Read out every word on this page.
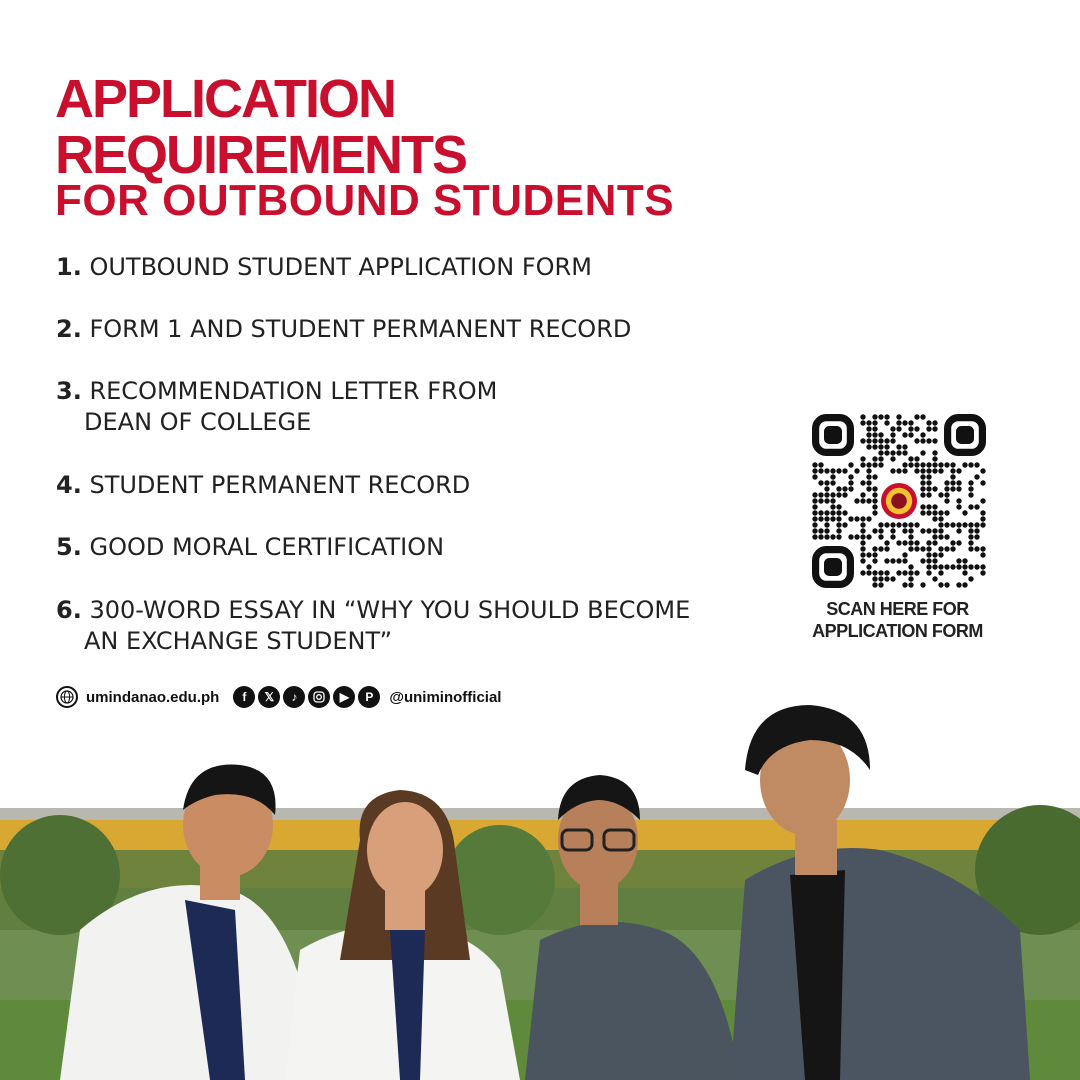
APPLICATION
REQUIREMENTS
FOR OUTBOUND STUDENTS
1. OUTBOUND STUDENT APPLICATION FORM
2. FORM 1 AND STUDENT PERMANENT RECORD
3. RECOMMENDATION LETTER FROM
DEAN OF COLLEGE
4. STUDENT PERMANENT RECORD
5. GOOD MORAL CERTIFICATION
6. 300-WORD ESSAY IN “WHY YOU SHOULD BECOME
AN EXCHANGE STUDENT”
SCAN HERE FOR
APPLICATION FORM
umindanao.edu.ph	f	𝕏	♪	▶	P	@uniminofficial
